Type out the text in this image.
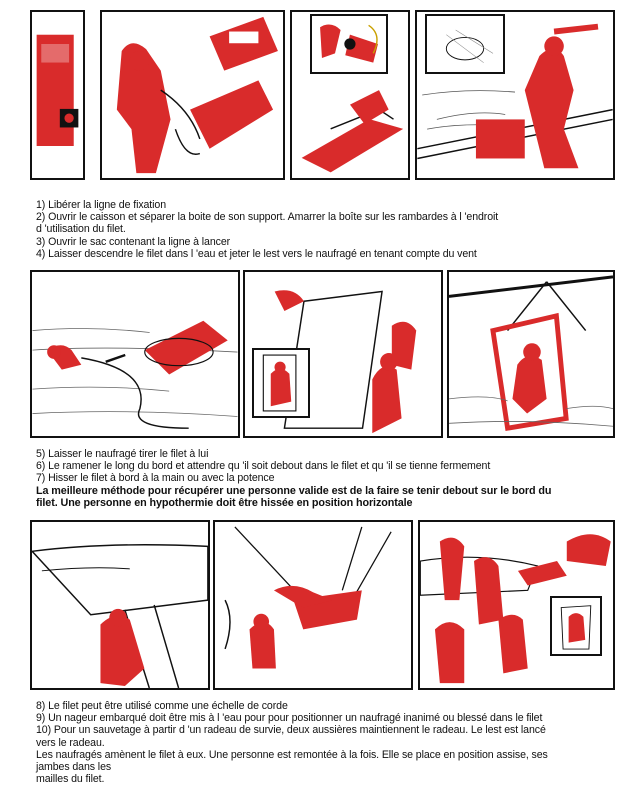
1) Libérer la ligne de fixation
2) Ouvrir le caisson et séparer la boite de son support. Amarrer la boîte sur les rambardes à l 'endroit
d 'utilisation du filet.
3) Ouvrir le sac contenant la ligne à lancer
4) Laisser descendre le filet dans l 'eau et jeter le lest vers le naufragé en tenant compte du vent
5) Laisser le naufragé tirer le filet à lui
6) Le ramener le long du bord et attendre qu 'il soit debout dans le filet et qu 'il se tienne fermement
7) Hisser le filet à bord à la main ou avec la potence
La meilleure méthode pour récupérer une personne valide est de la faire se tenir debout sur le bord du
filet. Une personne en hypothermie doit être hissée en position horizontale
8) Le filet peut être utilisé comme une échelle de corde
9) Un nageur embarqué doit être mis à l 'eau pour pour positionner un naufragé inanimé ou blessé dans le filet
10) Pour un sauvetage à partir d 'un radeau de survie, deux aussières maintiennent le radeau. Le lest est lancé
vers le radeau.
Les naufragés amènent le filet à eux. Une personne est remontée à la fois. Elle se place en position assise, ses
jambes dans les
mailles du filet.
